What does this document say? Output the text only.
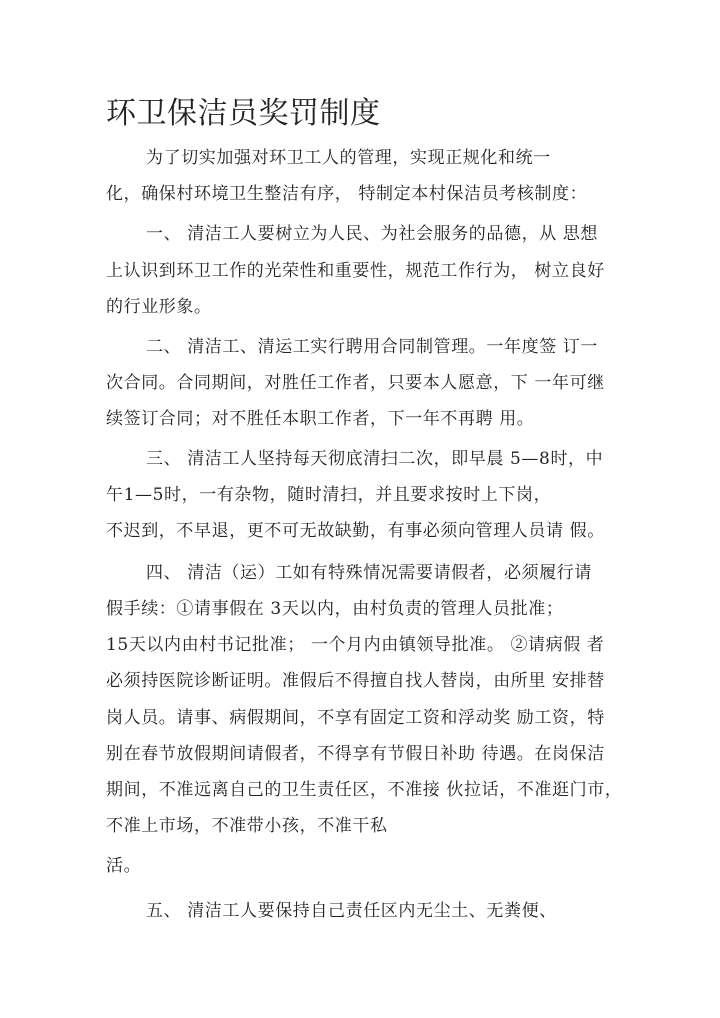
环卫保洁员奖罚制度
为了切实加强对环卫工人的管理，实现正规化和统一
化，确保村环境卫生整洁有序， 特制定本村保洁员考核制度：
一、 清洁工人要树立为人民、为社会服务的品德，从 思想
上认识到环卫工作的光荣性和重要性，规范工作行为， 树立良好
的行业形象。
二、 清洁工、清运工实行聘用合同制管理。一年度签 订一
次合同。合同期间，对胜任工作者，只要本人愿意，下 一年可继
续签订合同；对不胜任本职工作者，下一年不再聘 用。
三、 清洁工人坚持每天彻底清扫二次，即早晨 5—8时，中
午1—5时，一有杂物，随时清扫，并且要求按时上下岗，
不迟到，不早退，更不可无故缺勤，有事必须向管理人员请 假。
四、 清洁（运）工如有特殊情况需要请假者，必须履行请
假手续：①请事假在 3天以内，由村负责的管理人员批准；
15天以内由村书记批准； 一个月内由镇领导批准。 ②请病假 者
必须持医院诊断证明。准假后不得擅自找人替岗，由所里 安排替
岗人员。请事、病假期间，不享有固定工资和浮动奖 励工资，特
别在春节放假期间请假者，不得享有节假日补助 待遇。在岗保洁
期间，不准远离自己的卫生责任区，不准接 伙拉话，不准逛门市，
不准上市场，不准带小孩，不准干私
活。
五、 清洁工人要保持自己责任区内无尘土、无粪便、
